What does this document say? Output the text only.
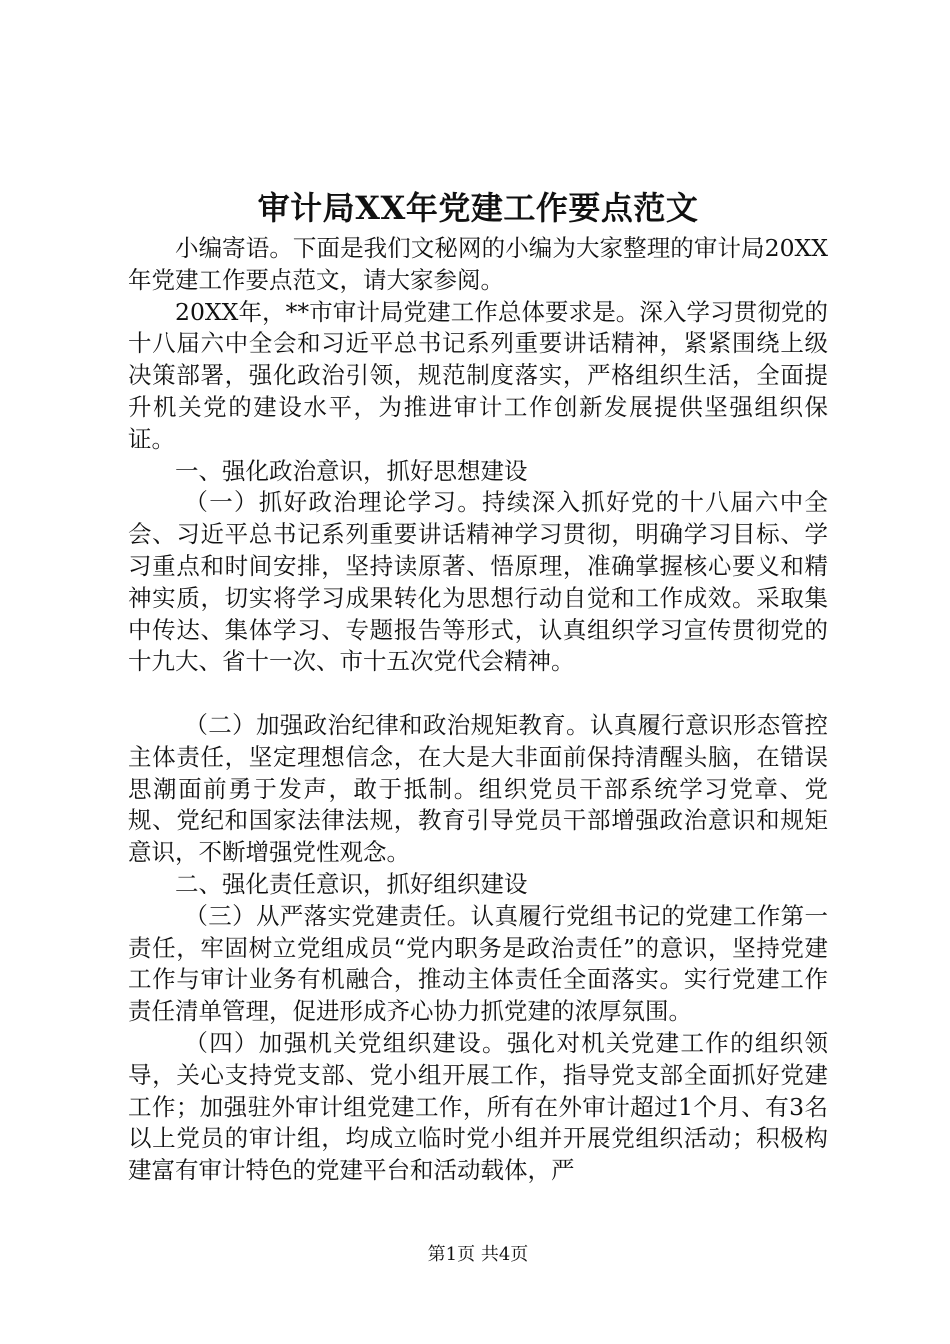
审计局XX年党建工作要点范文

小编寄语。下面是我们文秘网的小编为大家整理的审计局20XX年党建工作要点范文，请大家参阅。

20XX年，**市审计局党建工作总体要求是。深入学习贯彻党的十八届六中全会和习近平总书记系列重要讲话精神，紧紧围绕上级决策部署，强化政治引领，规范制度落实，严格组织生活，全面提升机关党的建设水平，为推进审计工作创新发展提供坚强组织保证。

一、强化政治意识，抓好思想建设

（一）抓好政治理论学习。持续深入抓好党的十八届六中全会、习近平总书记系列重要讲话精神学习贯彻，明确学习目标、学习重点和时间安排，坚持读原著、悟原理，准确掌握核心要义和精神实质，切实将学习成果转化为思想行动自觉和工作成效。采取集中传达、集体学习、专题报告等形式，认真组织学习宣传贯彻党的十九大、省十一次、市十五次党代会精神。

（二）加强政治纪律和政治规矩教育。认真履行意识形态管控主体责任，坚定理想信念，在大是大非面前保持清醒头脑，在错误思潮面前勇于发声，敢于抵制。组织党员干部系统学习党章、党规、党纪和国家法律法规，教育引导党员干部增强政治意识和规矩意识，不断增强党性观念。

二、强化责任意识，抓好组织建设

（三）从严落实党建责任。认真履行党组书记的党建工作第一责任，牢固树立党组成员“党内职务是政治责任”的意识，坚持党建工作与审计业务有机融合，推动主体责任全面落实。实行党建工作责任清单管理，促进形成齐心协力抓党建的浓厚氛围。

（四）加强机关党组织建设。强化对机关党建工作的组织领导，关心支持党支部、党小组开展工作，指导党支部全面抓好党建工作；加强驻外审计组党建工作，所有在外审计超过1个月、有3名以上党员的审计组，均成立临时党小组并开展党组织活动；积极构建富有审计特色的党建平台和活动载体，严

第1页 共4页
